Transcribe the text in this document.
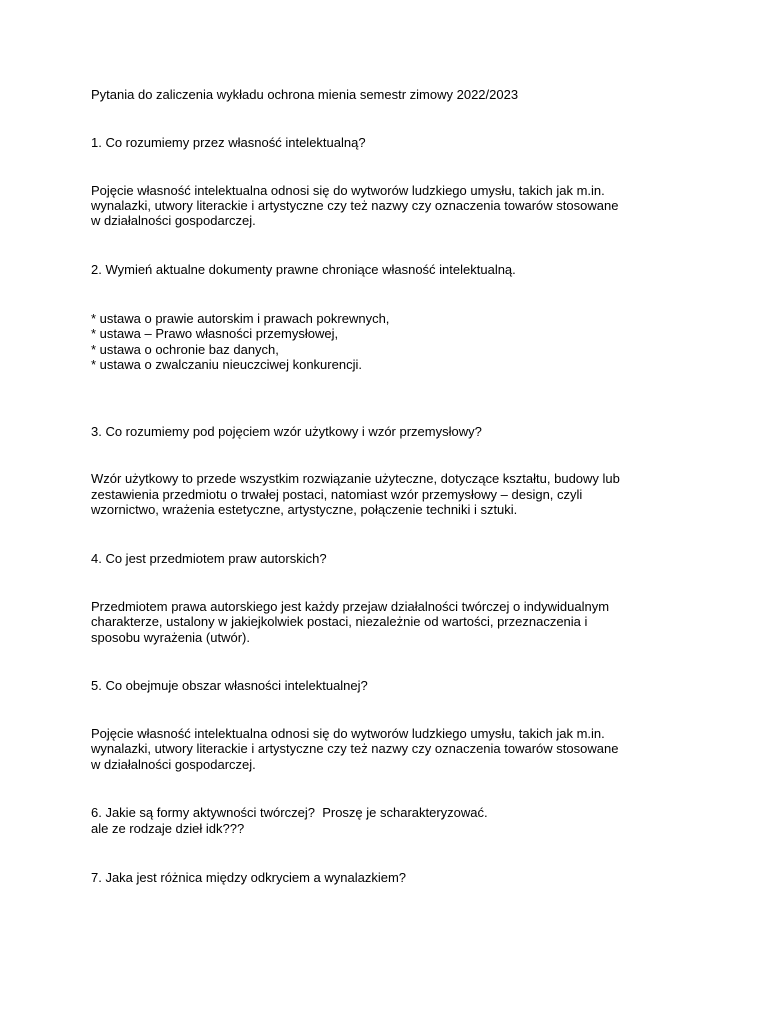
Pytania do zaliczenia wykładu ochrona mienia semestr zimowy 2022/2023

1. Co rozumiemy przez własność intelektualną?

Pojęcie własność intelektualna odnosi się do wytworów ludzkiego umysłu, takich jak m.in.

wynalazki, utwory literackie i artystyczne czy też nazwy czy oznaczenia towarów stosowane

w działalności gospodarczej.

2. Wymień aktualne dokumenty prawne chroniące własność intelektualną.

* ustawa o prawie autorskim i prawach pokrewnych,

* ustawa – Prawo własności przemysłowej,

* ustawa o ochronie baz danych,

* ustawa o zwalczaniu nieuczciwej konkurencji.

3. Co rozumiemy pod pojęciem wzór użytkowy i wzór przemysłowy?

Wzór użytkowy to przede wszystkim rozwiązanie użyteczne, dotyczące kształtu, budowy lub

zestawienia przedmiotu o trwałej postaci, natomiast wzór przemysłowy – design, czyli

wzornictwo, wrażenia estetyczne, artystyczne, połączenie techniki i sztuki.

4. Co jest przedmiotem praw autorskich?

Przedmiotem prawa autorskiego jest każdy przejaw działalności twórczej o indywidualnym

charakterze, ustalony w jakiejkolwiek postaci, niezależnie od wartości, przeznaczenia i

sposobu wyrażenia (utwór).

5. Co obejmuje obszar własności intelektualnej?

Pojęcie własność intelektualna odnosi się do wytworów ludzkiego umysłu, takich jak m.in.

wynalazki, utwory literackie i artystyczne czy też nazwy czy oznaczenia towarów stosowane

w działalności gospodarczej.

6. Jakie są formy aktywności twórczej?  Proszę je scharakteryzować.

ale ze rodzaje dzieł idk???

7. Jaka jest różnica między odkryciem a wynalazkiem?
